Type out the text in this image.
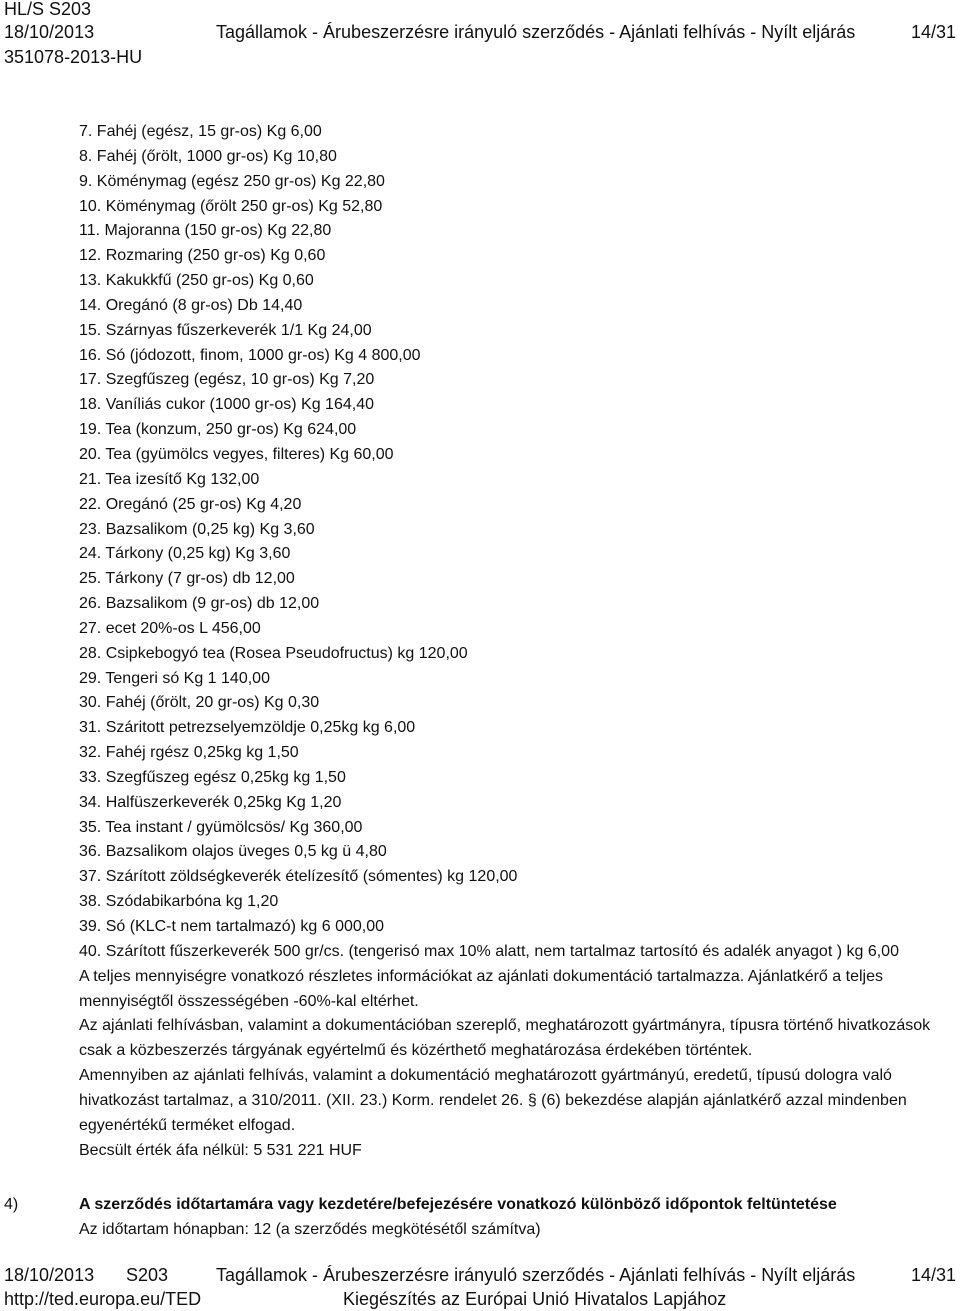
HL/S S203
18/10/2013
351078-2013-HU
Tagállamok - Árubeszerzésre irányuló szerződés - Ajánlati felhívás - Nyílt eljárás	14/31
7. Fahéj (egész, 15 gr-os) Kg 6,00
8. Fahéj (őrölt, 1000 gr-os) Kg 10,80
9. Köménymag (egész 250 gr-os) Kg 22,80
10. Köménymag (őrölt 250 gr-os) Kg 52,80
11. Majoranna (150 gr-os) Kg 22,80
12. Rozmaring (250 gr-os) Kg 0,60
13. Kakukkfű (250 gr-os) Kg 0,60
14. Oregánó (8 gr-os) Db 14,40
15. Szárnyas fűszerkeverék 1/1 Kg 24,00
16. Só (jódozott, finom, 1000 gr-os) Kg 4 800,00
17. Szegfűszeg (egész, 10 gr-os) Kg 7,20
18. Vaníliás cukor (1000 gr-os) Kg 164,40
19. Tea (konzum, 250 gr-os) Kg 624,00
20. Tea (gyümölcs vegyes, filteres) Kg 60,00
21. Tea izesítő Kg 132,00
22. Oregánó (25 gr-os) Kg 4,20
23. Bazsalikom (0,25 kg) Kg 3,60
24. Tárkony (0,25 kg) Kg 3,60
25. Tárkony (7 gr-os) db 12,00
26. Bazsalikom (9 gr-os) db 12,00
27. ecet 20%-os L 456,00
28. Csipkebogyó tea (Rosea Pseudofructus) kg 120,00
29. Tengeri só Kg 1 140,00
30. Fahéj (őrölt, 20 gr-os) Kg 0,30
31. Száritott petrezselyemzöldje 0,25kg kg 6,00
32. Fahéj rgész 0,25kg kg 1,50
33. Szegfűszeg egész 0,25kg kg 1,50
34. Halfüszerkeverék 0,25kg Kg 1,20
35. Tea instant / gyümölcsös/ Kg 360,00
36. Bazsalikom olajos üveges 0,5 kg ü 4,80
37. Szárított zöldségkeverék ételízesítő (sómentes) kg 120,00
38. Szódabikarbóna kg 1,20
39. Só (KLC-t nem tartalmazó) kg 6 000,00
40. Szárított fűszerkeverék 500 gr/cs. (tengerisó max 10% alatt, nem tartalmaz tartosító és adalék anyagot ) kg 6,00

A teljes mennyiségre vonatkozó részletes információkat az ajánlati dokumentáció tartalmazza. Ajánlatkérő a teljes mennyiségtől összességében -60%-kal eltérhet.

Az ajánlati felhívásban, valamint a dokumentációban szereplő, meghatározott gyártmányra, típusra történő hivatkozások csak a közbeszerzés tárgyának egyértelmű és közérthető meghatározása érdekében történtek.

Amennyiben az ajánlati felhívás, valamint a dokumentáció meghatározott gyártmányú, eredetű, típusú dologra való hivatkozást tartalmaz, a 310/2011. (XII. 23.) Korm. rendelet 26. § (6) bekezdése alapján ajánlatkérő azzal mindenben egyenértékű terméket elfogad.

Becsült érték áfa nélkül: 5 531 221 HUF

4)	A szerződés időtartamára vagy kezdetére/befejezésére vonatkozó különböző időpontok feltüntetése
Az időtartam hónapban: 12 (a szerződés megkötésétől számítva)
18/10/2013 S203	Tagállamok - Árubeszerzésre irányuló szerződés - Ajánlati felhívás - Nyílt eljárás	14/31
http://ted.europa.eu/TED	Kiegészítés az Európai Unió Hivatalos Lapjához
